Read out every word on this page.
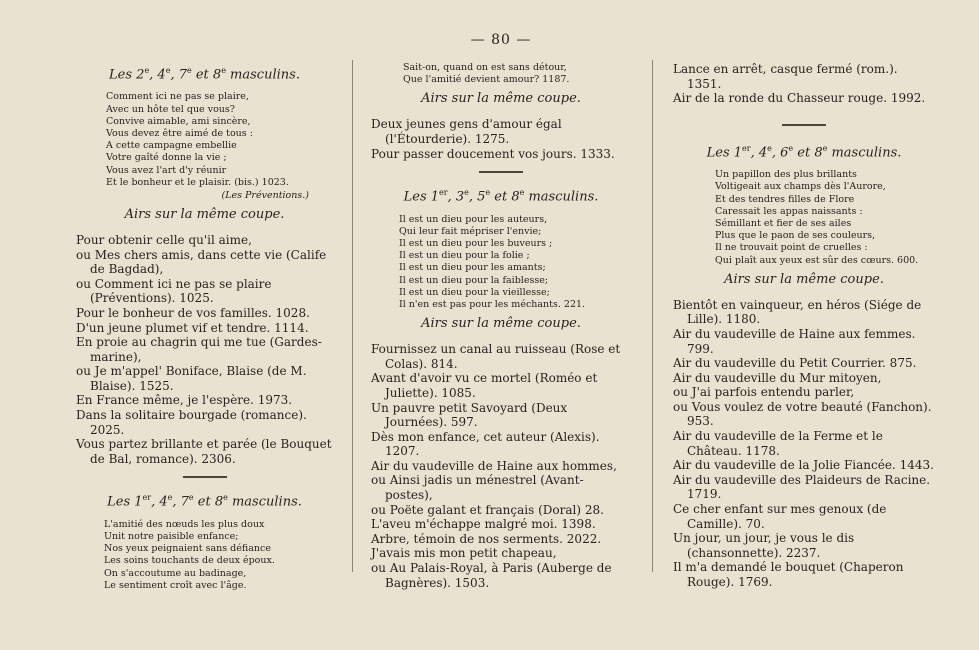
— 80 —
Les 2e, 4e, 7e et 8e masculins.
Comment ici ne pas se plaire,
Avec un hôte tel que vous?
Convive aimable, ami sincère,
Vous devez être aimé de tous :
A cette campagne embellie
Votre gaîté donne la vie ;
Vous avez l'art d'y réunir
Et le bonheur et le plaisir. (bis.) 1023.
(Les Préventions.)
Airs sur la même coupe.
Pour obtenir celle qu'il aime,
ou Mes chers amis, dans cette vie (Calife de Bagdad),
ou Comment ici ne pas se plaire (Préventions). 1025.
Pour le bonheur de vos familles. 1028.
D'un jeune plumet vif et tendre. 1114.
En proie au chagrin qui me tue (Gardes-marine),
ou Je m'appel' Boniface, Blaise (de M. Blaise). 1525.
En France même, je l'espère. 1973.
Dans la solitaire bourgade (romance). 2025.
Vous partez brillante et parée (le Bouquet de Bal, romance). 2306.
Les 1er, 4e, 7e et 8e masculins.
L'amitié des nœuds les plus doux
Unit notre paisible enfance;
Nos yeux peignaient sans défiance
Les soins touchants de deux époux.
On s'accoutume au badinage,
Le sentiment croît avec l'âge.
Sait-on, quand on est sans détour,
Que l'amitié devient amour? 1187.
Airs sur la même coupe.
Deux jeunes gens d'amour égal (l'Étourderie). 1275.
Pour passer doucement vos jours. 1333.
Les 1er, 3e, 5e et 8e masculins.
Il est un dieu pour les auteurs,
Qui leur fait mépriser l'envie;
Il est un dieu pour les buveurs ;
Il est un dieu pour la folie ;
Il est un dieu pour les amants;
Il est un dieu pour la faiblesse;
Il est un dieu pour la vieillesse;
Il n'en est pas pour les méchants. 221.
Airs sur la même coupe.
Fournissez un canal au ruisseau (Rose et Colas). 814.
Avant d'avoir vu ce mortel (Roméo et Juliette). 1085.
Un pauvre petit Savoyard (Deux Journées). 597.
Dès mon enfance, cet auteur (Alexis). 1207.
Air du vaudeville de Haine aux hommes,
ou Ainsi jadis un ménestrel (Avant-postes),
ou Poëte galant et français (Doral) 28.
L'aveu m'échappe malgré moi. 1398.
Arbre, témoin de nos serments. 2022.
J'avais mis mon petit chapeau,
ou Au Palais-Royal, à Paris (Auberge de Bagnères). 1503.
Lance en arrêt, casque fermé (rom.). 1351.
Air de la ronde du Chasseur rouge. 1992.
Les 1er, 4e, 6e et 8e masculins.
Un papillon des plus brillants
Voltigeait aux champs dès l'Aurore,
Et des tendres filles de Flore
Caressait les appas naissants :
Sémillant et fier de ses ailes
Plus que le paon de ses couleurs,
Il ne trouvait point de cruelles :
Qui plaît aux yeux est sûr des cœurs. 600.
Airs sur la même coupe.
Bientôt en vainqueur, en héros (Siége de Lille). 1180.
Air du vaudeville de Haine aux femmes. 799.
Air du vaudeville du Petit Courrier. 875.
Air du vaudeville du Mur mitoyen,
ou J'ai parfois entendu parler,
ou Vous voulez de votre beauté (Fanchon). 953.
Air du vaudeville de la Ferme et le Château. 1178.
Air du vaudeville de la Jolie Fiancée. 1443.
Air du vaudeville des Plaideurs de Racine. 1719.
Ce cher enfant sur mes genoux (de Camille). 70.
Un jour, un jour, je vous le dis (chansonnette). 2237.
Il m'a demandé le bouquet (Chaperon Rouge). 1769.
